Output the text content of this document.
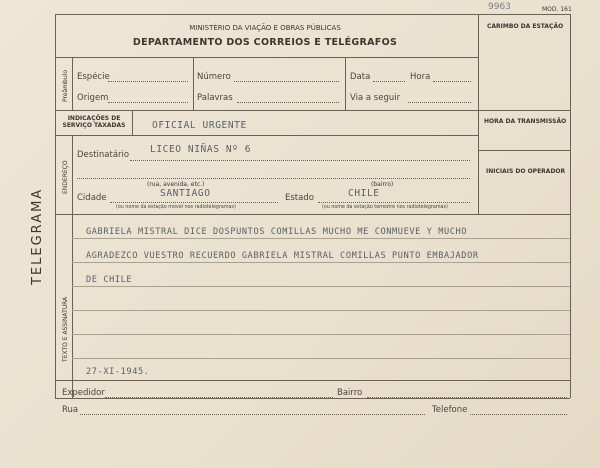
9963	MOD. 161
MINISTÉRIO DA VIAÇÃO E OBRAS PÚBLICAS
DEPARTAMENTO DOS CORREIOS E TELÉGRAFOS
CARIMBO DA ESTAÇÃO
Preâmbulo Espécie	Número	Data	Hora
Origem	Palavras	Via a seguir
INDICAÇÕES DE SERVIÇO TAXADAS	OFICIAL URGENTE	HORA DA TRANSMISSÃO
INICIAIS DO OPERADOR
ENDEREÇO
Destinatário LICEO NIÑAS Nº 6
(rua, avenida, etc.)	(bairro)
Cidade	SANTIAGO	Estado	CHILE
(ou nome da estação móvel nos radiotelegramas)	(ou nome da estação terrestre nos radiotelegramas)
TEXTO E ASSINATURA
GABRIELA MISTRAL DICE DOSPUNTOS COMILLAS MUCHO ME CONMUEVE Y MUCHO
AGRADEZCO VUESTRO RECUERDO GABRIELA MISTRAL COMILLAS PUNTO EMBAJADOR
DE CHILE
27-XI-1945.
Expedidor	Bairro
Rua	Telefone
TELEGRAMA
